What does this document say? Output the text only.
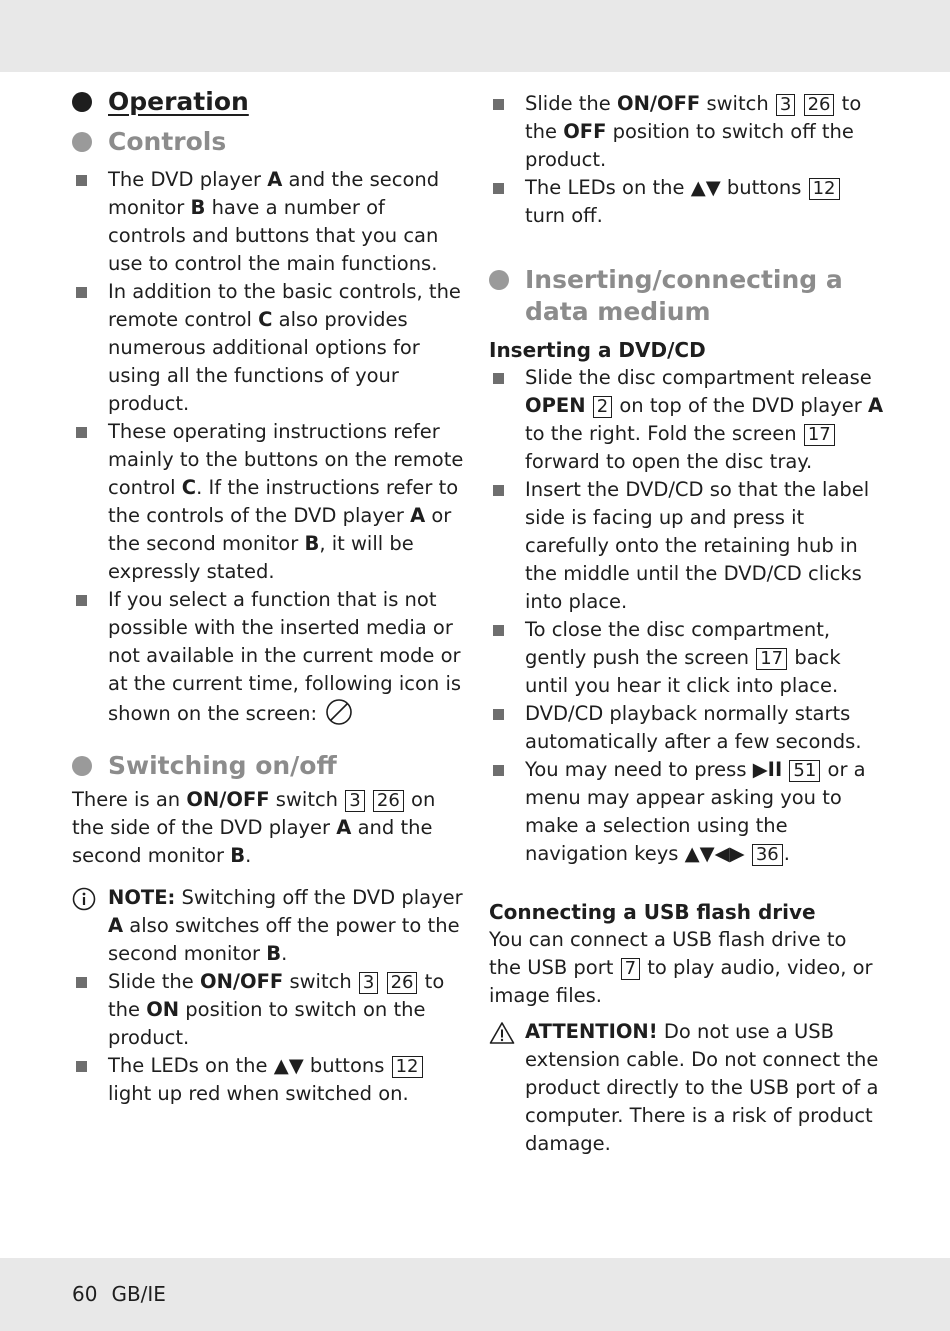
Operation
Controls
The DVD player A and the second monitor B have a number of controls and buttons that you can use to control the main functions.
In addition to the basic controls, the remote control C also provides numerous additional options for using all the functions of your product.
These operating instructions refer mainly to the buttons on the remote control C. If the instructions refer to the controls of the DVD player A or the second monitor B, it will be expressly stated.
If you select a function that is not possible with the inserted media or not available in the current mode or at the current time, following icon is shown on the screen:
Switching on/off

There is an ON/OFF switch 3 26 on the side of the DVD player A and the second monitor B.

NOTE: Switching off the DVD player A also switches off the power to the second monitor B.
Slide the ON/OFF switch 3 26 to the ON position to switch on the product.
The LEDs on the ▲▼ buttons 12 light up red when switched on.
Slide the ON/OFF switch 3 26 to the OFF position to switch off the product.
The LEDs on the ▲▼ buttons 12 turn off.
Inserting/connecting a
data medium
Inserting a DVD/CD
Slide the disc compartment release OPEN 2 on top of the DVD player A to the right. Fold the screen 17 forward to open the disc tray.
Insert the DVD/CD so that the label side is facing up and press it carefully onto the retaining hub in the middle until the DVD/CD clicks into place.
To close the disc compartment, gently push the screen 17 back until you hear it click into place.
DVD/CD playback normally starts automatically after a few seconds.
You may need to press ▶II 51 or a menu may appear asking you to make a selection using the navigation keys ▲▼◀▶ 36 .
Connecting a USB flash drive

You can connect a USB flash drive to the USB port 7 to play audio, video, or image files.

ATTENTION! Do not use a USB extension cable. Do not connect the product directly to the USB port of a computer. There is a risk of product damage.
60 GB/IE
